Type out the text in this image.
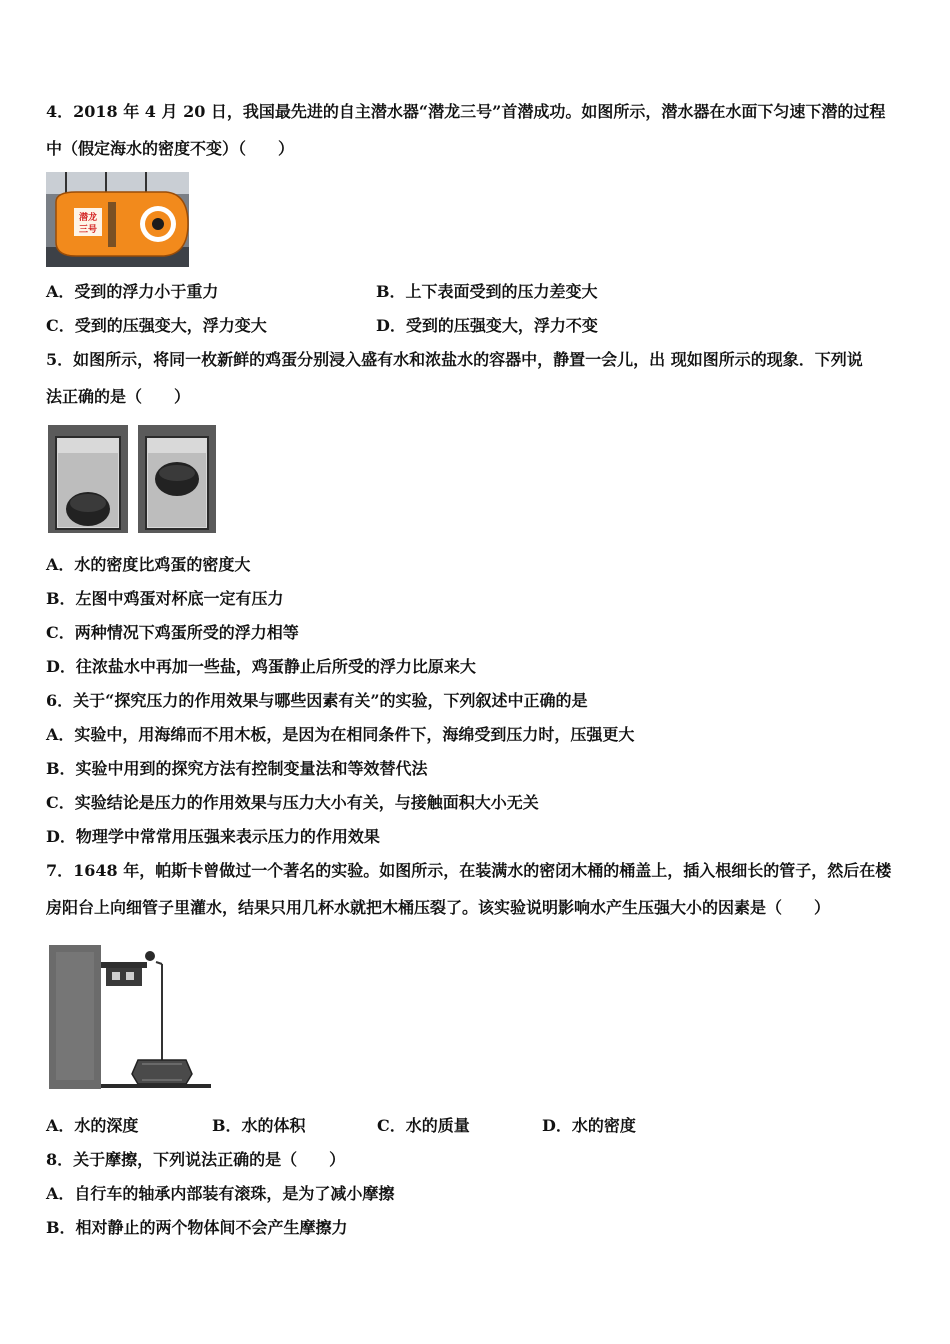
4．2018 年 4 月 20 日，我国最先进的自主潜水器“潜龙三号”首潜成功。如图所示，潜水器在水面下匀速下潜的过程
中（假定海水的密度不变）（　　）
潜龙
三号
A．受到的浮力小于重力	B．上下表面受到的压力差变大
C．受到的压强变大，浮力变大	D．受到的压强变大，浮力不变
5．如图所示，将同一枚新鲜的鸡蛋分别浸入盛有水和浓盐水的容器中，静置一会儿，出 现如图所示的现象．下列说
法正确的是（　　）
A．水的密度比鸡蛋的密度大
B．左图中鸡蛋对杯底一定有压力
C．两种情况下鸡蛋所受的浮力相等
D．往浓盐水中再加一些盐，鸡蛋静止后所受的浮力比原来大
6．关于“探究压力的作用效果与哪些因素有关”的实验，下列叙述中正确的是
A．实验中，用海绵而不用木板，是因为在相同条件下，海绵受到压力时，压强更大
B．实验中用到的探究方法有控制变量法和等效替代法
C．实验结论是压力的作用效果与压力大小有关，与接触面积大小无关
D．物理学中常常用压强来表示压力的作用效果
7．1648 年，帕斯卡曾做过一个著名的实验。如图所示，在装满水的密闭木桶的桶盖上，插入根细长的管子，然后在楼
房阳台上向细管子里灌水，结果只用几杯水就把木桶压裂了。该实验说明影响水产生压强大小的因素是（　　）
A．水的深度	B．水的体积	C．水的质量	D．水的密度
8．关于摩擦，下列说法正确的是（　　）
A．自行车的轴承内部装有滚珠，是为了减小摩擦
B．相对静止的两个物体间不会产生摩擦力
